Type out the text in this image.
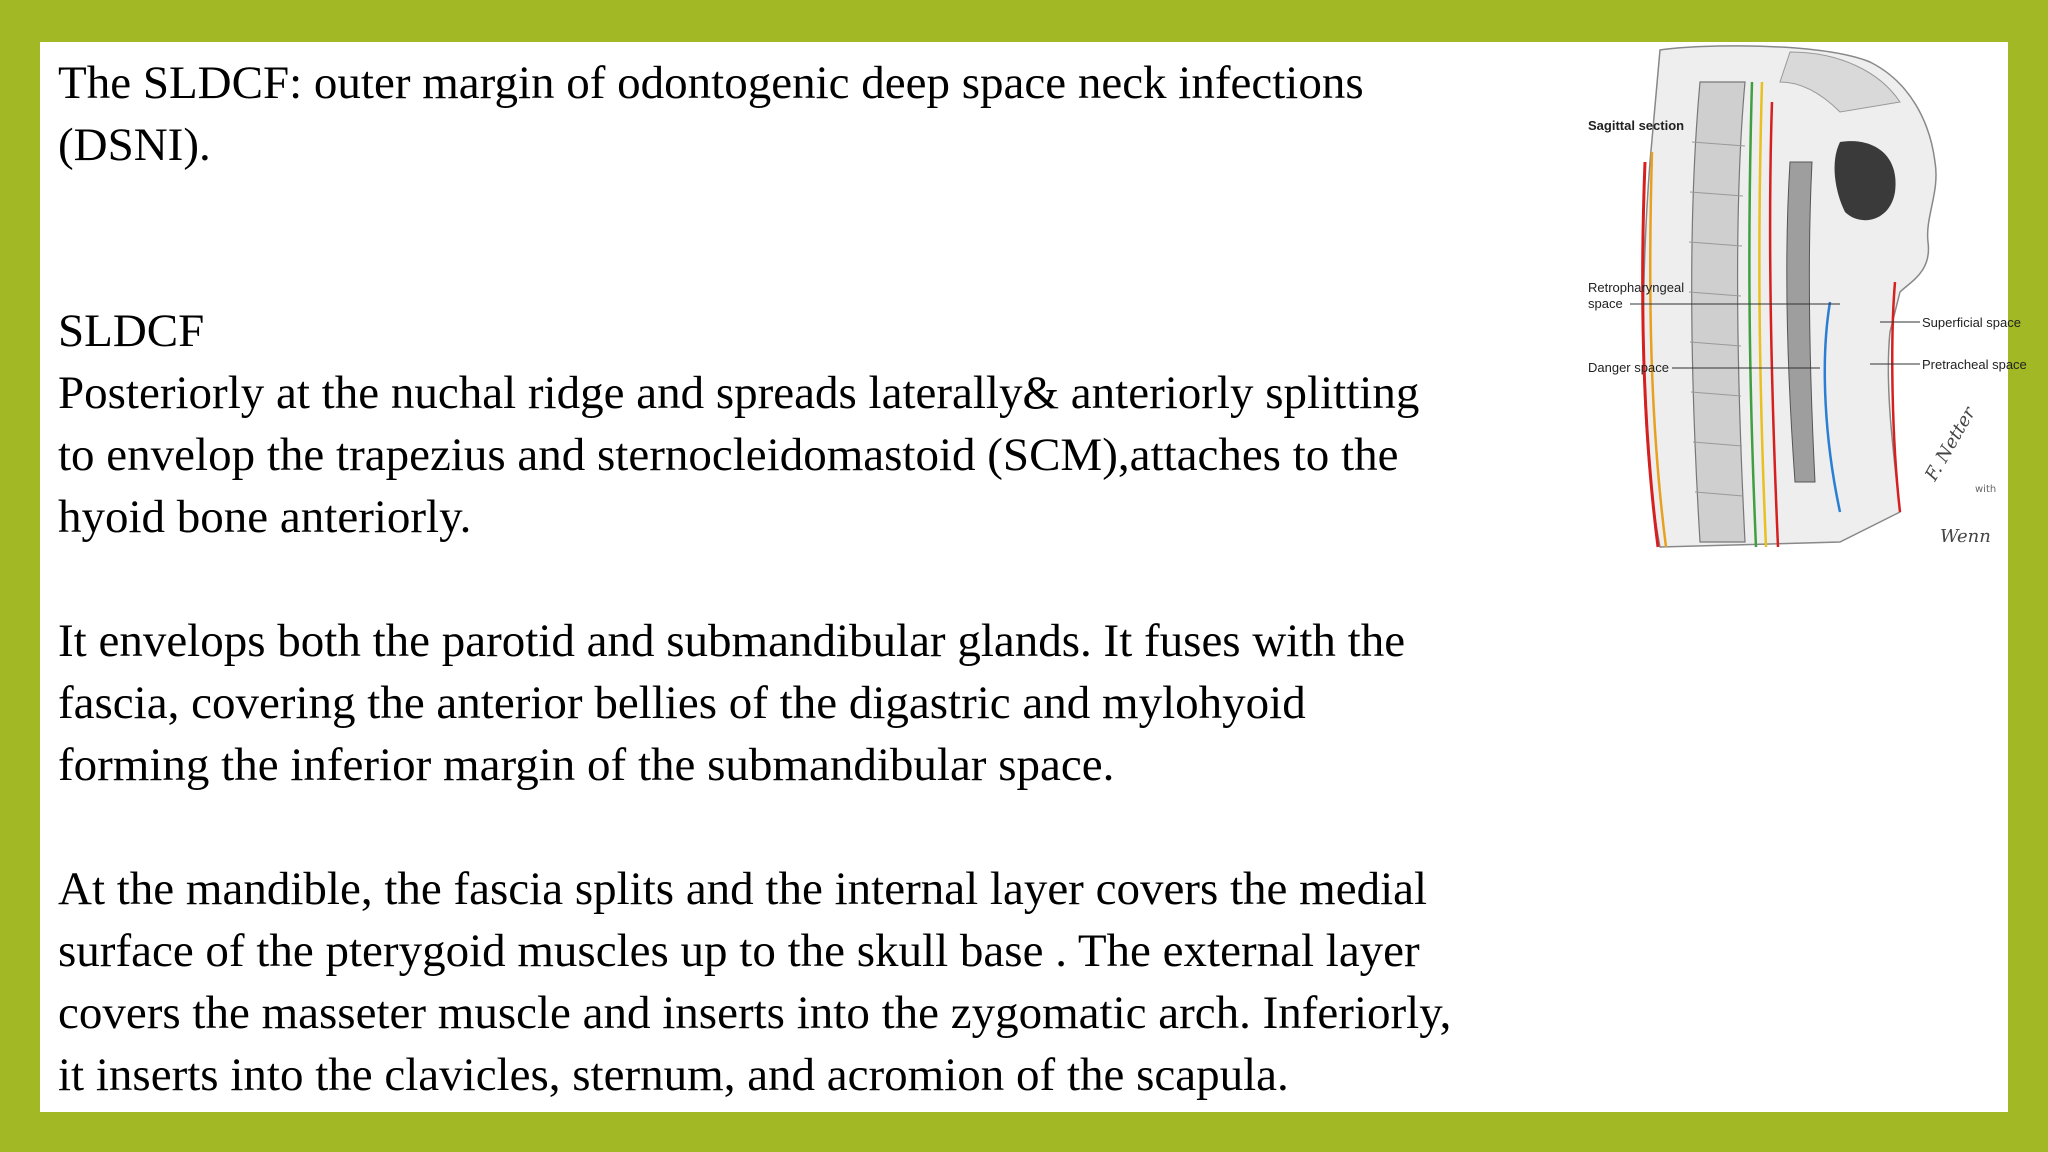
The SLDCF: outer margin of odontogenic deep space neck infections

(DSNI).

SLDCF

Posteriorly at the nuchal ridge and spreads laterally& anteriorly splitting

to envelop the trapezius and sternocleidomastoid (SCM),attaches to the

hyoid bone anteriorly.

It envelops both the parotid and submandibular glands. It fuses with the

fascia, covering the anterior bellies of the digastric and mylohyoid

forming the inferior margin of the submandibular space.

At the mandible, the fascia splits and the internal layer covers the medial

surface of the pterygoid muscles up to the skull base . The external layer

covers the masseter muscle and inserts into the zygomatic arch. Inferiorly,

it inserts into the clavicles, sternum, and acromion of the scapula.

Sagittal section
Retropharyngeal
space
Danger space
Superficial space
Pretracheal space
F. Netter
with
Wenn
